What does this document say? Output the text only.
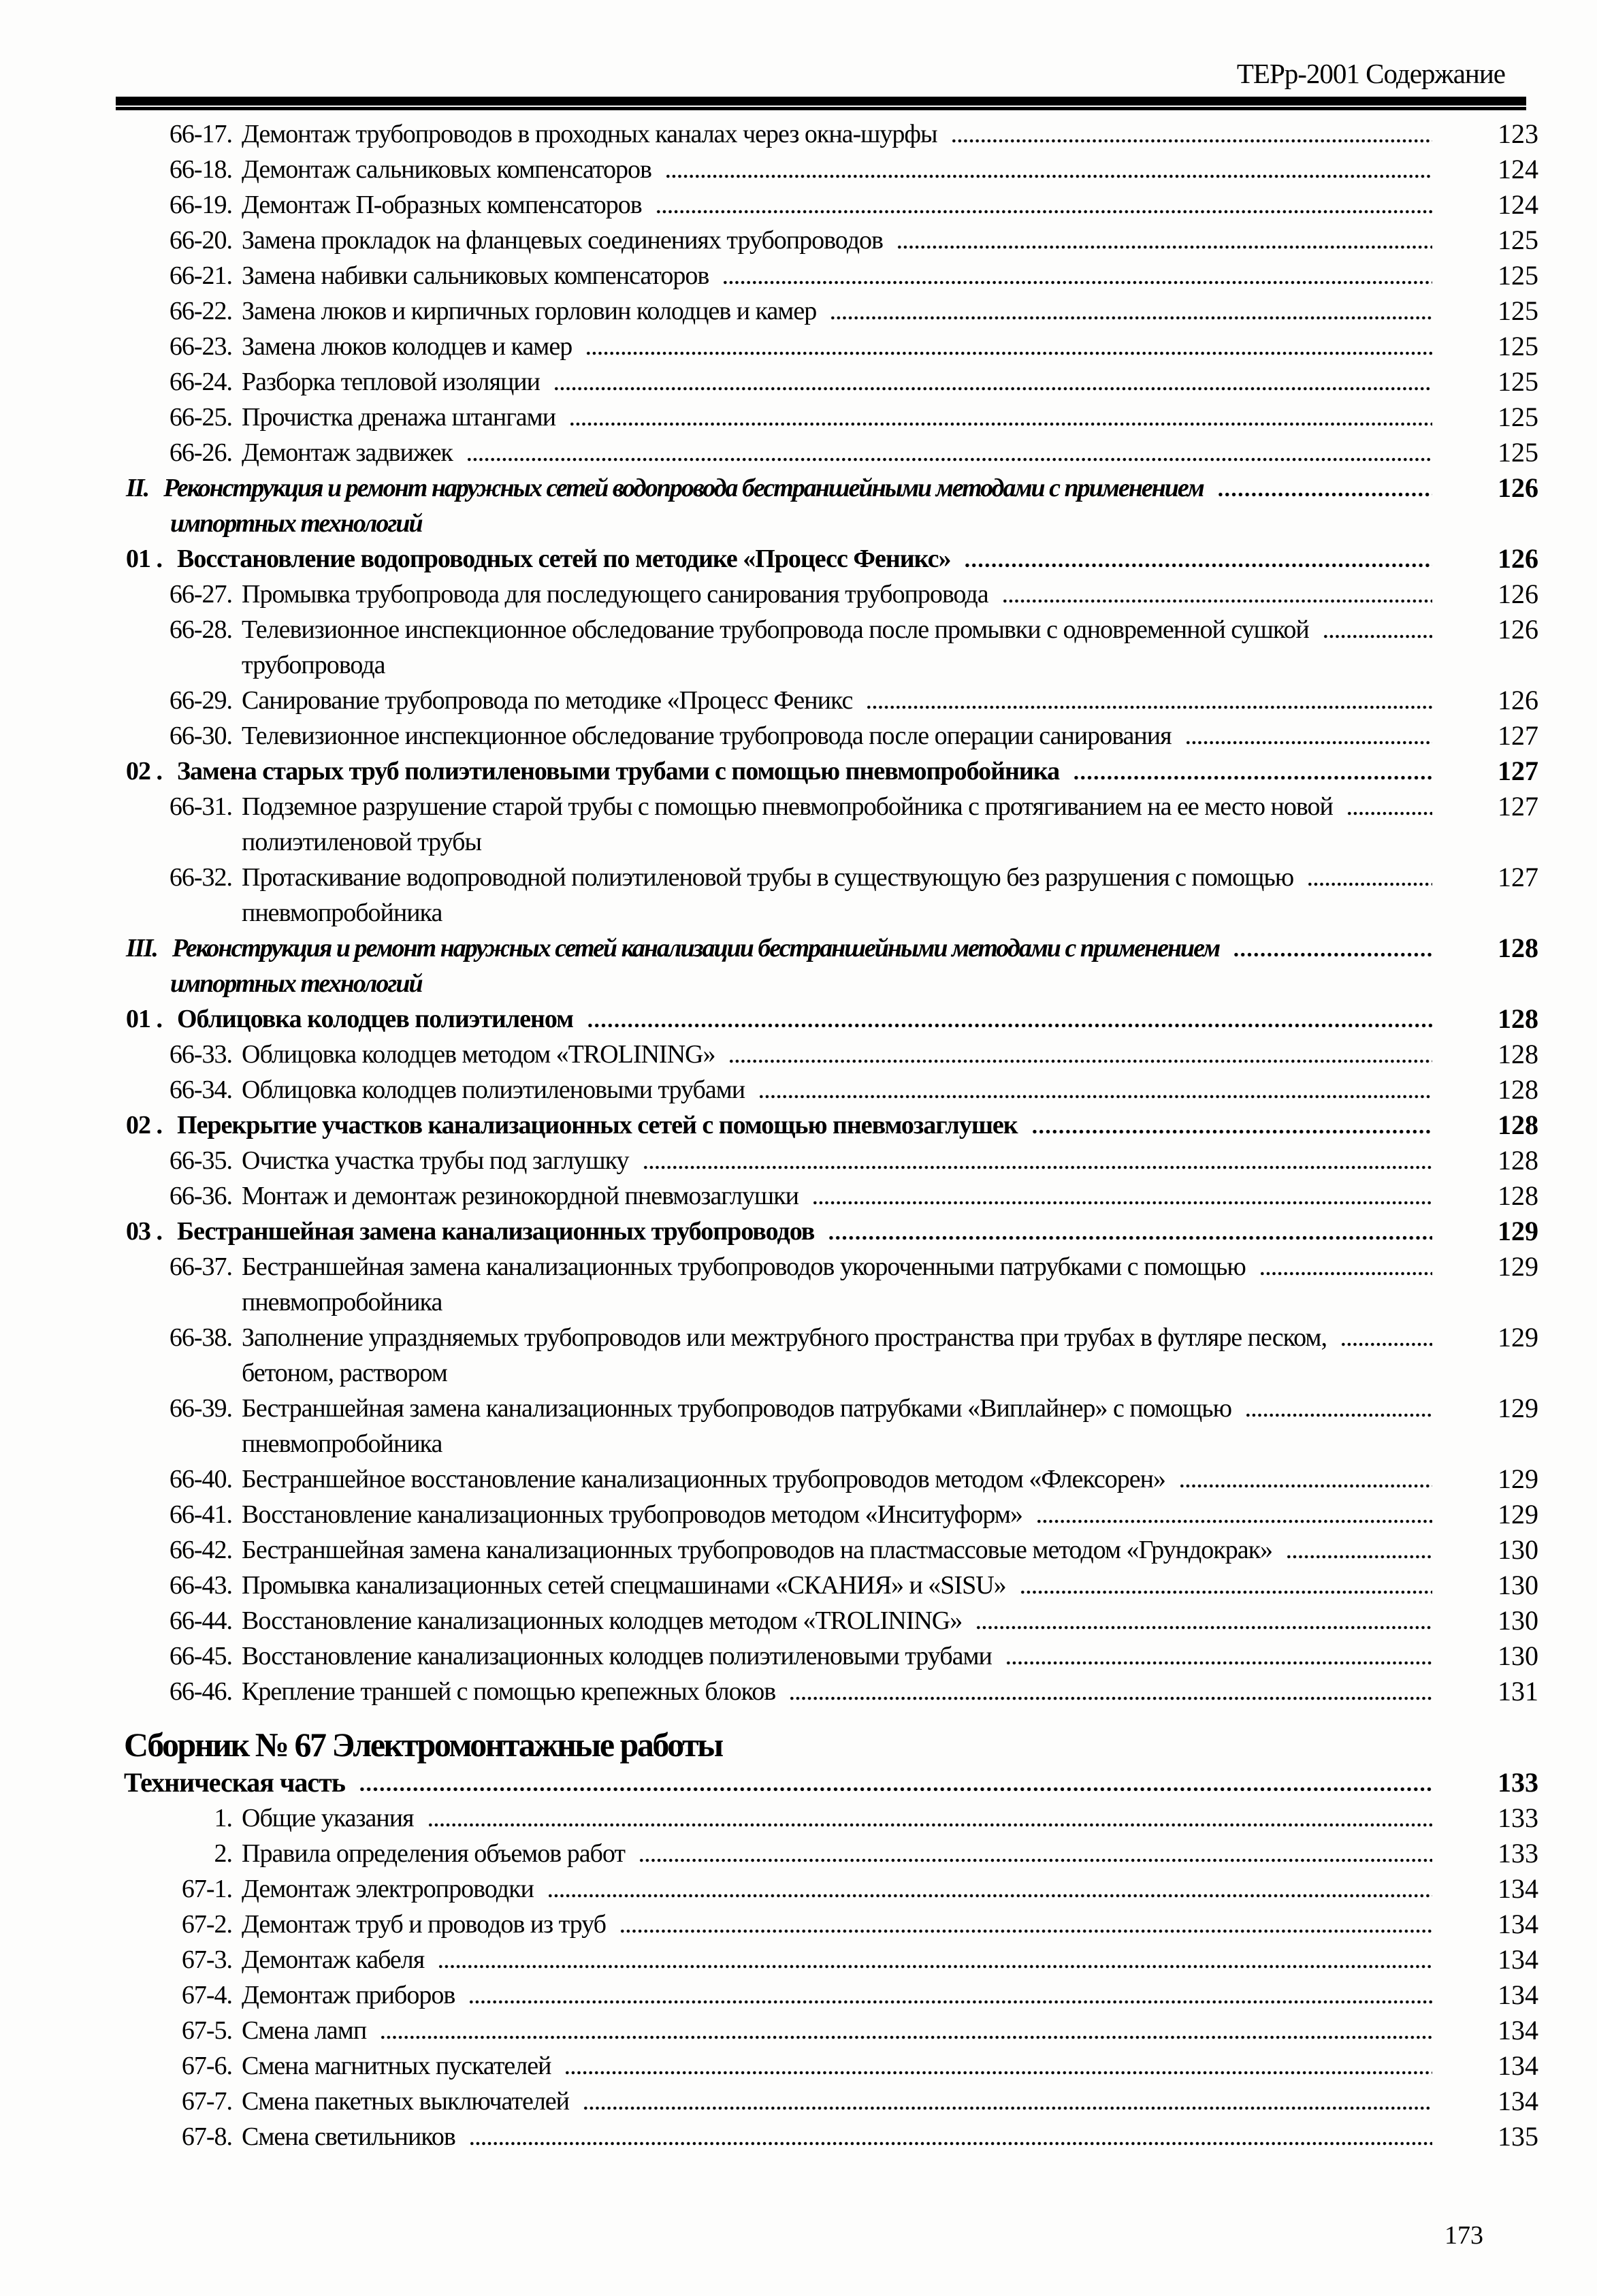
ТЕРр-2001 Содержание
66-17. Демонтаж трубопроводов в проходных каналах через окна-шурфы	123
66-18. Демонтаж сальниковых компенсаторов	124
66-19. Демонтаж П-образных компенсаторов	124
66-20. Замена прокладок на фланцевых соединениях трубопроводов	125
66-21. Замена набивки сальниковых компенсаторов	125
66-22. Замена люков и кирпичных горловин колодцев и камер	125
66-23. Замена люков колодцев и камер	125
66-24. Разборка тепловой изоляции	125
66-25. Прочистка дренажа штангами	125
66-26. Демонтаж задвижек	125
II. Реконструкция и ремонт наружных сетей водопровода бестраншейными методами с применением	126
импортных технологий
01 . Восстановление водопроводных сетей по методике «Процесс Феникс»	126
66-27. Промывка трубопровода для последующего санирования трубопровода	126
66-28. Телевизионное инспекционное обследование трубопровода после промывки с одновременной сушкой	126
трубопровода
66-29. Санирование трубопровода по методике «Процесс Феникс	126
66-30. Телевизионное инспекционное обследование трубопровода после операции санирования	127
02 . Замена старых труб полиэтиленовыми трубами с помощью пневмопробойника	127
66-31. Подземное разрушение старой трубы с помощью пневмопробойника с протягиванием на ее место новой	127
полиэтиленовой трубы
66-32. Протаскивание водопроводной полиэтиленовой трубы в существующую без разрушения с помощью	127
пневмопробойника
III. Реконструкция и ремонт наружных сетей канализации бестраншейными методами с применением	128
импортных технологий
01 . Облицовка колодцев полиэтиленом	128
66-33. Облицовка колодцев методом «TROLINING»	128
66-34. Облицовка колодцев полиэтиленовыми трубами	128
02 . Перекрытие участков канализационных сетей с помощью пневмозаглушек	128
66-35. Очистка участка трубы под заглушку	128
66-36. Монтаж и демонтаж резинокордной пневмозаглушки	128
03 . Бестраншейная замена канализационных трубопроводов	129
66-37. Бестраншейная замена канализационных трубопроводов укороченными патрубками с помощью	129
пневмопробойника
66-38. Заполнение упраздняемых трубопроводов или межтрубного пространства при трубах в футляре песком,	129
бетоном, раствором
66-39. Бестраншейная замена канализационных трубопроводов патрубками «Виплайнер» с помощью	129
пневмопробойника
66-40. Бестраншейное восстановление канализационных трубопроводов методом «Флексорен»	129
66-41. Восстановление канализационных трубопроводов методом «Инситуформ»	129
66-42. Бестраншейная замена канализационных трубопроводов на пластмассовые методом «Грундокрак»	130
66-43. Промывка канализационных сетей спецмашинами «СКАНИЯ» и «SISU»	130
66-44. Восстановление канализационных колодцев методом «TROLINING»	130
66-45. Восстановление канализационных колодцев полиэтиленовыми трубами	130
66-46. Крепление траншей с помощью крепежных блоков	131
Сборник № 67 Электромонтажные работы
Техническая часть	133
1. Общие указания	133
2. Правила определения объемов работ	133
67-1. Демонтаж электропроводки	134
67-2. Демонтаж труб и проводов из труб	134
67-3. Демонтаж кабеля	134
67-4. Демонтаж приборов	134
67-5. Смена ламп	134
67-6. Смена магнитных пускателей	134
67-7. Смена пакетных выключателей	134
67-8. Смена светильников	135
173
